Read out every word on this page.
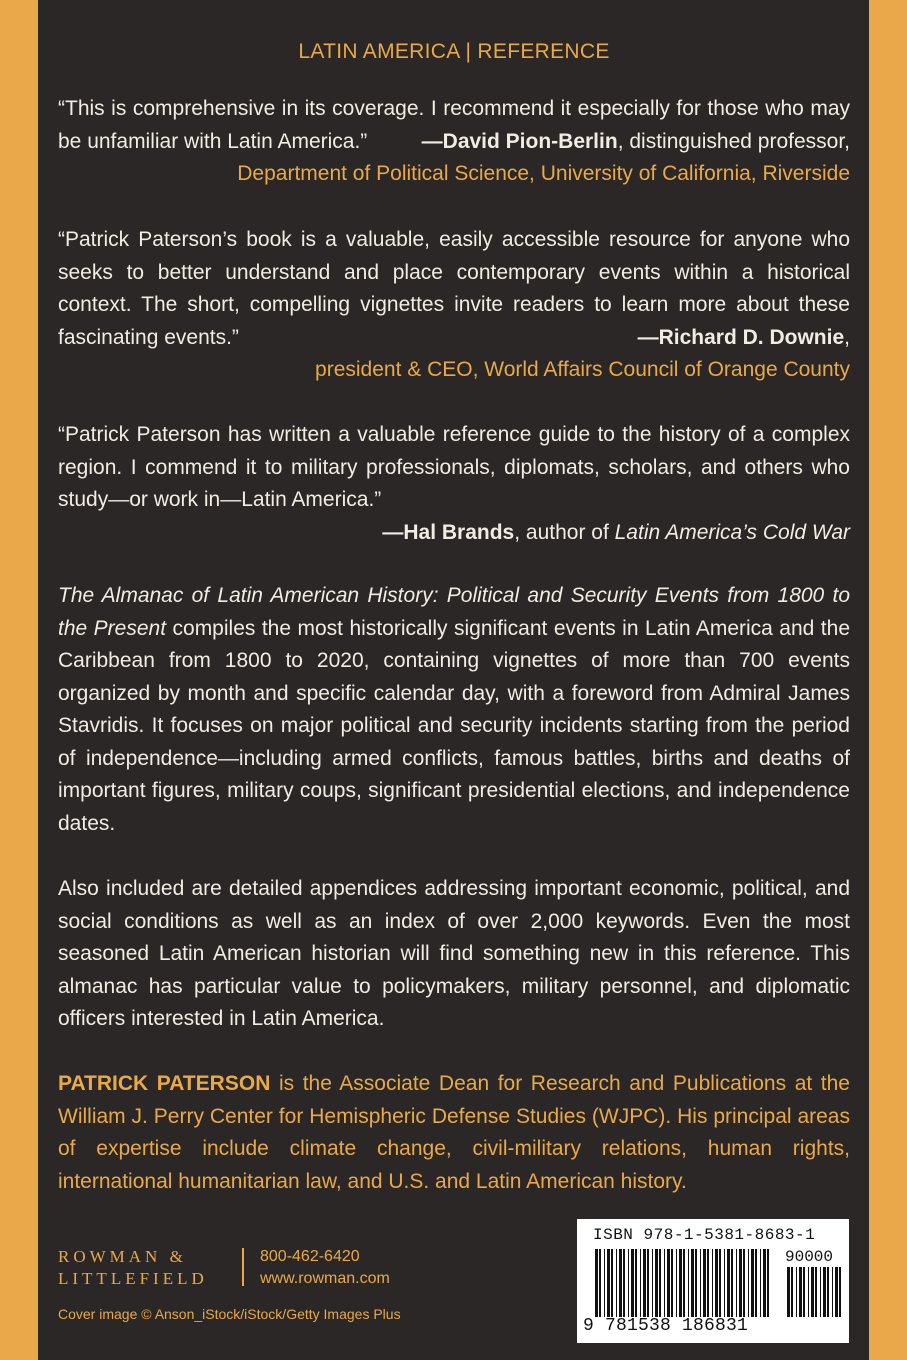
LATIN AMERICA | REFERENCE
“This is comprehensive in its coverage. I recommend it especially for those who may be unfamiliar with Latin America.”	—David Pion-Berlin, distinguished professor,
Department of Political Science, University of California, Riverside
“Patrick Paterson’s book is a valuable, easily accessible resource for anyone who seeks to better understand and place contemporary events within a historical context. The short, compelling vignettes invite readers to learn more about these fascinating events.”	—Richard D. Downie,
president & CEO, World Affairs Council of Orange County
“Patrick Paterson has written a valuable reference guide to the history of a complex region. I commend it to military professionals, diplomats, scholars, and others who study—or work in—Latin America.”
—Hal Brands, author of Latin America’s Cold War
The Almanac of Latin American History: Political and Security Events from 1800 to the Present compiles the most historically significant events in Latin America and the Caribbean from 1800 to 2020, containing vignettes of more than 700 events organized by month and specific calendar day, with a foreword from Admiral James Stavridis. It focuses on major political and security incidents starting from the period of independence—including armed conflicts, famous battles, births and deaths of important figures, military coups, significant presidential elections, and independence dates.
Also included are detailed appendices addressing important economic, political, and social conditions as well as an index of over 2,000 keywords. Even the most seasoned Latin American historian will find something new in this reference. This almanac has particular value to policymakers, military personnel, and diplomatic officers interested in Latin America.
PATRICK PATERSON is the Associate Dean for Research and Publications at the William J. Perry Center for Hemispheric Defense Studies (WJPC). His principal areas of expertise include climate change, civil-military relations, human rights, international humanitarian law, and U.S. and Latin American history.
ROWMAN &
LITTLEFIELD
800-462-6420
www.rowman.com
Cover image © Anson_iStock/iStock/Getty Images Plus
ISBN 978-1-5381-8683-1
90000
9 781538 186831
